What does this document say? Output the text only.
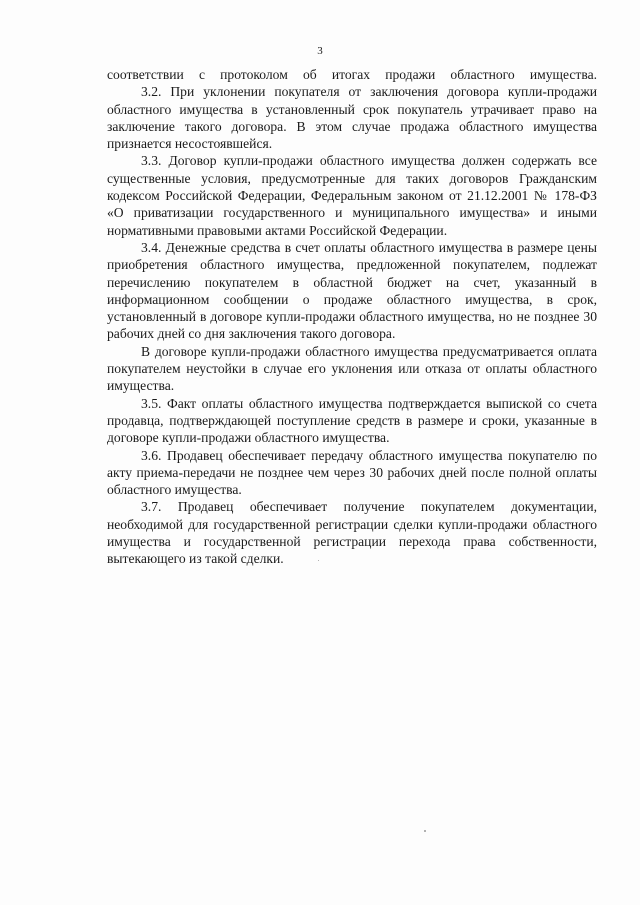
3

соответствии с протоколом об итогах продажи областного имущества.

3.2. При уклонении покупателя от заключения договора купли-продажи областного имущества в установленный срок покупатель утрачивает право на заключение такого договора. В этом случае продажа областного имущества признается несостоявшейся.

3.3. Договор купли-продажи областного имущества должен содержать все существенные условия, предусмотренные для таких договоров Гражданским кодексом Российской Федерации, Федеральным законом от 21.12.2001 № 178-ФЗ «О приватизации государственного и муниципального имущества» и иными нормативными правовыми актами Российской Федерации.

3.4. Денежные средства в счет оплаты областного имущества в размере цены приобретения областного имущества, предложенной покупателем, подлежат перечислению покупателем в областной бюджет на счет, указанный в информационном сообщении о продаже областного имущества, в срок, установленный в договоре купли-продажи областного имущества, но не позднее 30 рабочих дней со дня заключения такого договора.

В договоре купли-продажи областного имущества предусматривается оплата покупателем неустойки в случае его уклонения или отказа от оплаты областного имущества.

3.5. Факт оплаты областного имущества подтверждается выпиской со счета продавца, подтверждающей поступление средств в размере и сроки, указанные в договоре купли-продажи областного имущества.

3.6. Продавец обеспечивает передачу областного имущества покупателю по акту приема-передачи не позднее чем через 30 рабочих дней после полной оплаты областного имущества.

3.7. Продавец обеспечивает получение покупателем документации, необходимой для государственной регистрации сделки купли-продажи областного имущества и государственной регистрации перехода права собственности, вытекающего из такой сделки.
